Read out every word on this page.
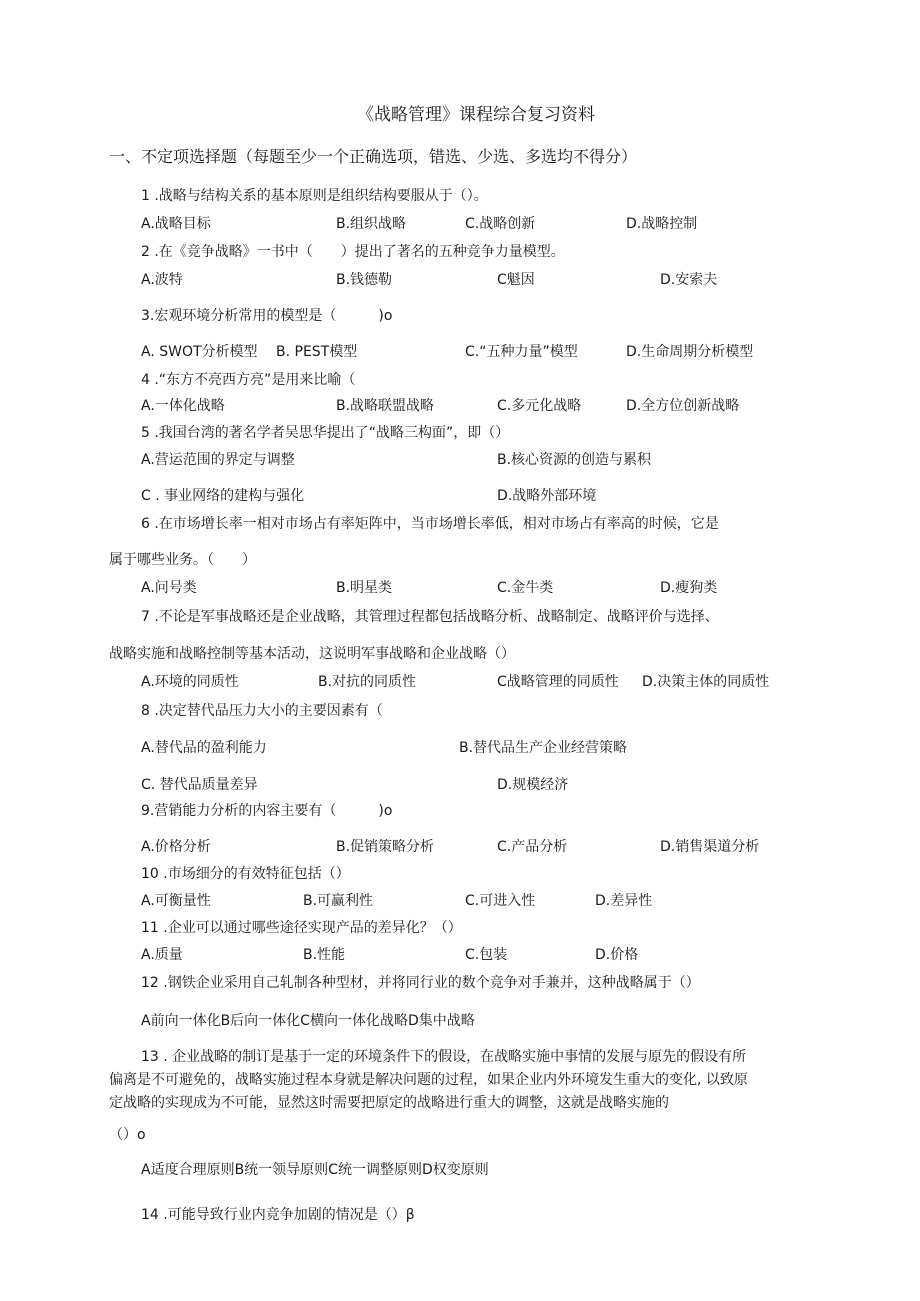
《战略管理》课程综合复习资料
一、不定项选择题（每题至少一个正确选项，错选、少选、多选均不得分）
1 .战略与结构关系的基本原则是组织结构要服从于（）。
A.战略目标	B.组织战略	C.战略创新	D.战略控制
2 .在《竞争战略》一书中（　　）提出了著名的五种竞争力量模型。
A.波特	B.钱德勒	C魁因	D.安索夫
3.宏观环境分析常用的模型是（　　　)o
A. SWOT分析模型 B. PEST模型	C.“五种力量”模型	D.生命周期分析模型
4 .“东方不亮西方亮”是用来比喻（
A.一体化战略	B.战略联盟战略	C.多元化战略	D.全方位创新战略
5 .我国台湾的著名学者吴思华提出了“战略三构面”，即（）
A.营运范围的界定与调整	B.核心资源的创造与累积
C . 事业网络的建构与强化	D.战略外部环境
6 .在市场增长率一相对市场占有率矩阵中，当市场增长率低，相对市场占有率高的时候，它是
属于哪些业务。（　　）
A.问号类	B.明星类	C.金牛类	D.瘦狗类
7 .不论是军事战略还是企业战略，其管理过程都包括战略分析、战略制定、战略评价与选择、
战略实施和战略控制等基本活动，这说明军事战略和企业战略（）
A.环境的同质性	B.对抗的同质性	C战略管理的同质性 D.决策主体的同质性
8 .决定替代品压力大小的主要因素有（
A.替代品的盈利能力	B.替代品生产企业经营策略
C. 替代品质量差异	D.规模经济
9.营销能力分析的内容主要有（　　　)o
A.价格分析	B.促销策略分析	C.产品分析	D.销售渠道分析
10 .市场细分的有效特征包括（）
A.可衡量性	B.可赢利性	C.可进入性	D.差异性
11 .企业可以通过哪些途径实现产品的差异化？（）
A.质量	B.性能	C.包装	D.价格
12 .钢铁企业采用自己轧制各种型材，并将同行业的数个竞争对手兼并，这种战略属于（）
A前向一体化B后向一体化C横向一体化战略D集中战略
13 . 企业战略的制订是基于一定的环境条件下的假设，在战略实施中事情的发展与原先的假设有所
偏离是不可避免的，战略实施过程本身就是解决问题的过程，如果企业内外环境发生重大的变化, 以致原
定战略的实现成为不可能，显然这时需要把原定的战略进行重大的调整，这就是战略实施的
（）o
A适度合理原则B统一领导原则C统一调整原则D权变原则
14 .可能导致行业内竞争加剧的情况是（）β
